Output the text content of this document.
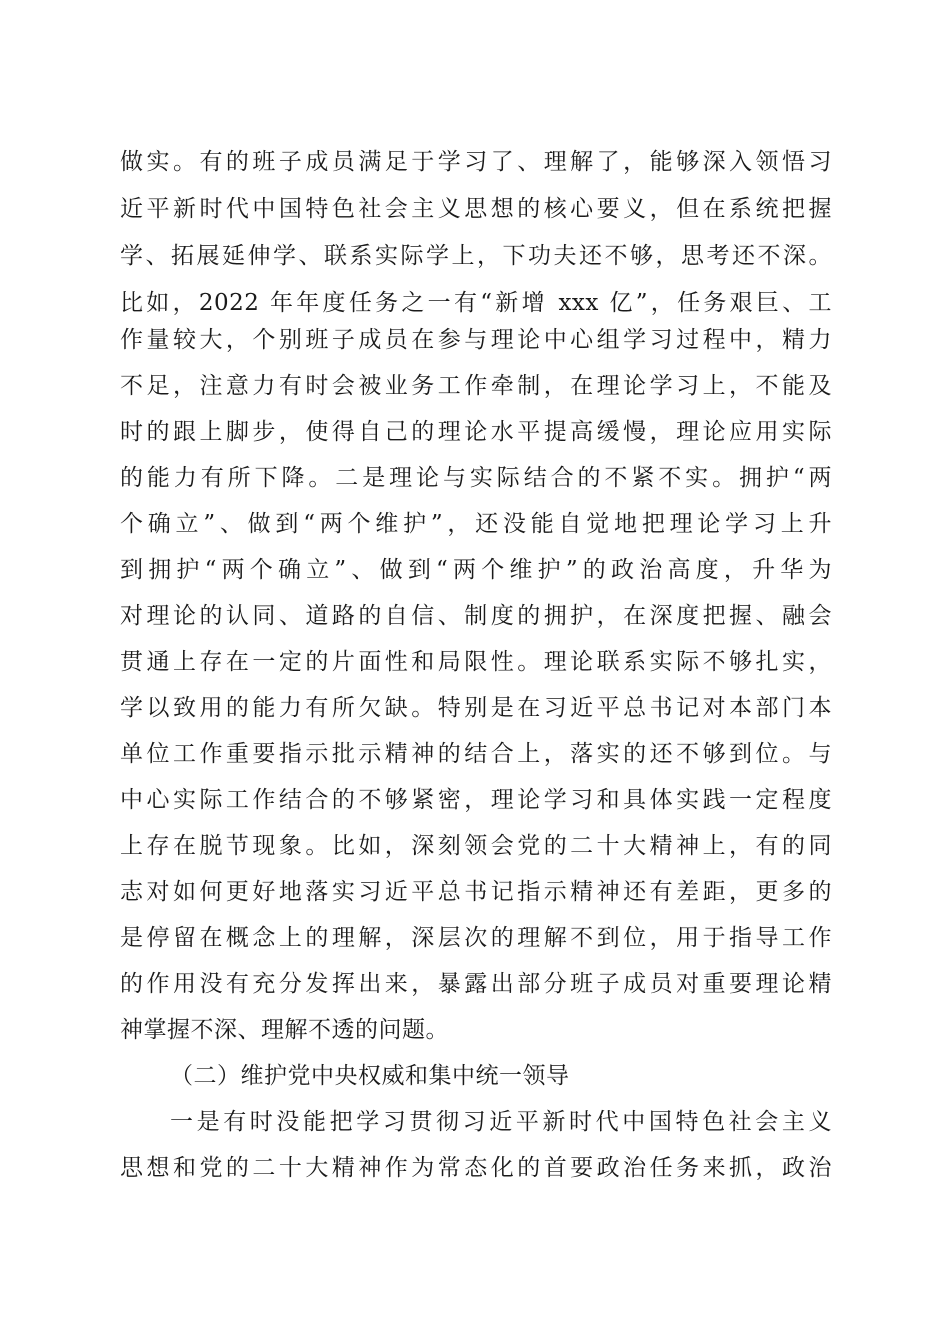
做实。有的班子成员满足于学习了、理解了，能够深入领悟习
近平新时代中国特色社会主义思想的核心要义，但在系统把握
学、拓展延伸学、联系实际学上，下功夫还不够，思考还不深。
比如，2022 年年度任务之一有“新增 xxx 亿”，任务艰巨、工
作量较大，个别班子成员在参与理论中心组学习过程中，精力
不足，注意力有时会被业务工作牵制，在理论学习上，不能及
时的跟上脚步，使得自己的理论水平提高缓慢，理论应用实际
的能力有所下降。二是理论与实际结合的不紧不实。拥护“两
个确立”、做到“两个维护”，还没能自觉地把理论学习上升
到拥护“两个确立”、做到“两个维护”的政治高度，升华为
对理论的认同、道路的自信、制度的拥护，在深度把握、融会
贯通上存在一定的片面性和局限性。理论联系实际不够扎实，
学以致用的能力有所欠缺。特别是在习近平总书记对本部门本
单位工作重要指示批示精神的结合上，落实的还不够到位。与
中心实际工作结合的不够紧密，理论学习和具体实践一定程度
上存在脱节现象。比如，深刻领会党的二十大精神上，有的同
志对如何更好地落实习近平总书记指示精神还有差距，更多的
是停留在概念上的理解，深层次的理解不到位，用于指导工作
的作用没有充分发挥出来，暴露出部分班子成员对重要理论精
神掌握不深、理解不透的问题。
（二）维护党中央权威和集中统一领导
一是有时没能把学习贯彻习近平新时代中国特色社会主义
思想和党的二十大精神作为常态化的首要政治任务来抓，政治
